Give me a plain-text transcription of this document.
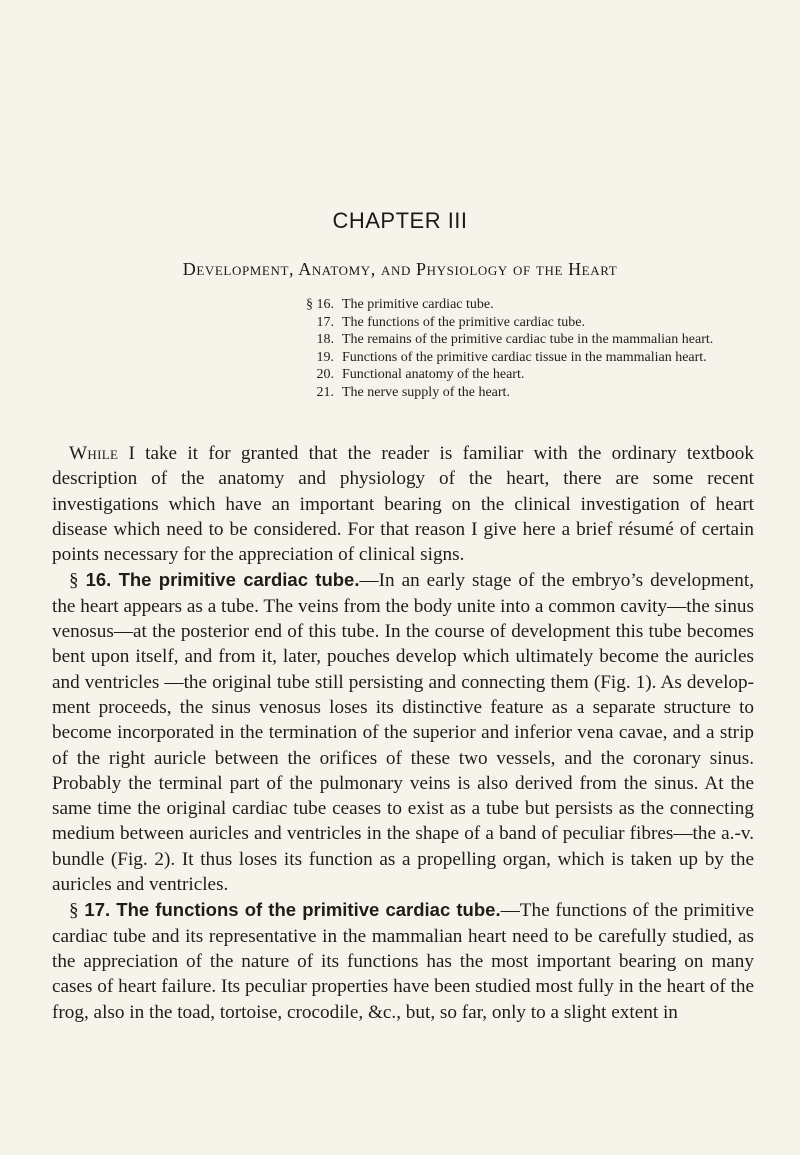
CHAPTER III
Development, Anatomy, and Physiology of the Heart
§ 16. The primitive cardiac tube.
17. The functions of the primitive cardiac tube.
18. The remains of the primitive cardiac tube in the mammalian heart.
19. Functions of the primitive cardiac tissue in the mammalian heart.
20. Functional anatomy of the heart.
21. The nerve supply of the heart.

While I take it for granted that the reader is familiar with the ordinary textbook description of the anatomy and physiology of the heart, there are some recent investigations which have an important bearing on the clinical investigation of heart disease which need to be considered. For that reason I give here a brief résumé of certain points necessary for the appreciation of clinical signs.

§ 16. The primitive cardiac tube.—In an early stage of the embryo’s development, the heart appears as a tube. The veins from the body unite into a common cavity—the sinus venosus—at the posterior end of this tube. In the course of development this tube becomes bent upon itself, and from it, later, pouches develop which ultimately become the auricles and ventricles —the original tube still persisting and connecting them (Fig. 1). As develop-ment proceeds, the sinus venosus loses its distinctive feature as a separate structure to become incorporated in the termination of the superior and inferior vena cavae, and a strip of the right auricle between the orifices of these two vessels, and the coronary sinus. Probably the terminal part of the pulmonary veins is also derived from the sinus. At the same time the original cardiac tube ceases to exist as a tube but persists as the connecting medium between auricles and ventricles in the shape of a band of peculiar fibres—the a.-v. bundle (Fig. 2). It thus loses its function as a propelling organ, which is taken up by the auricles and ventricles.

§ 17. The functions of the primitive cardiac tube.—The functions of the primitive cardiac tube and its representative in the mammalian heart need to be carefully studied, as the appreciation of the nature of its functions has the most important bearing on many cases of heart failure. Its peculiar properties have been studied most fully in the heart of the frog, also in the toad, tortoise, crocodile, &c., but, so far, only to a slight extent in
